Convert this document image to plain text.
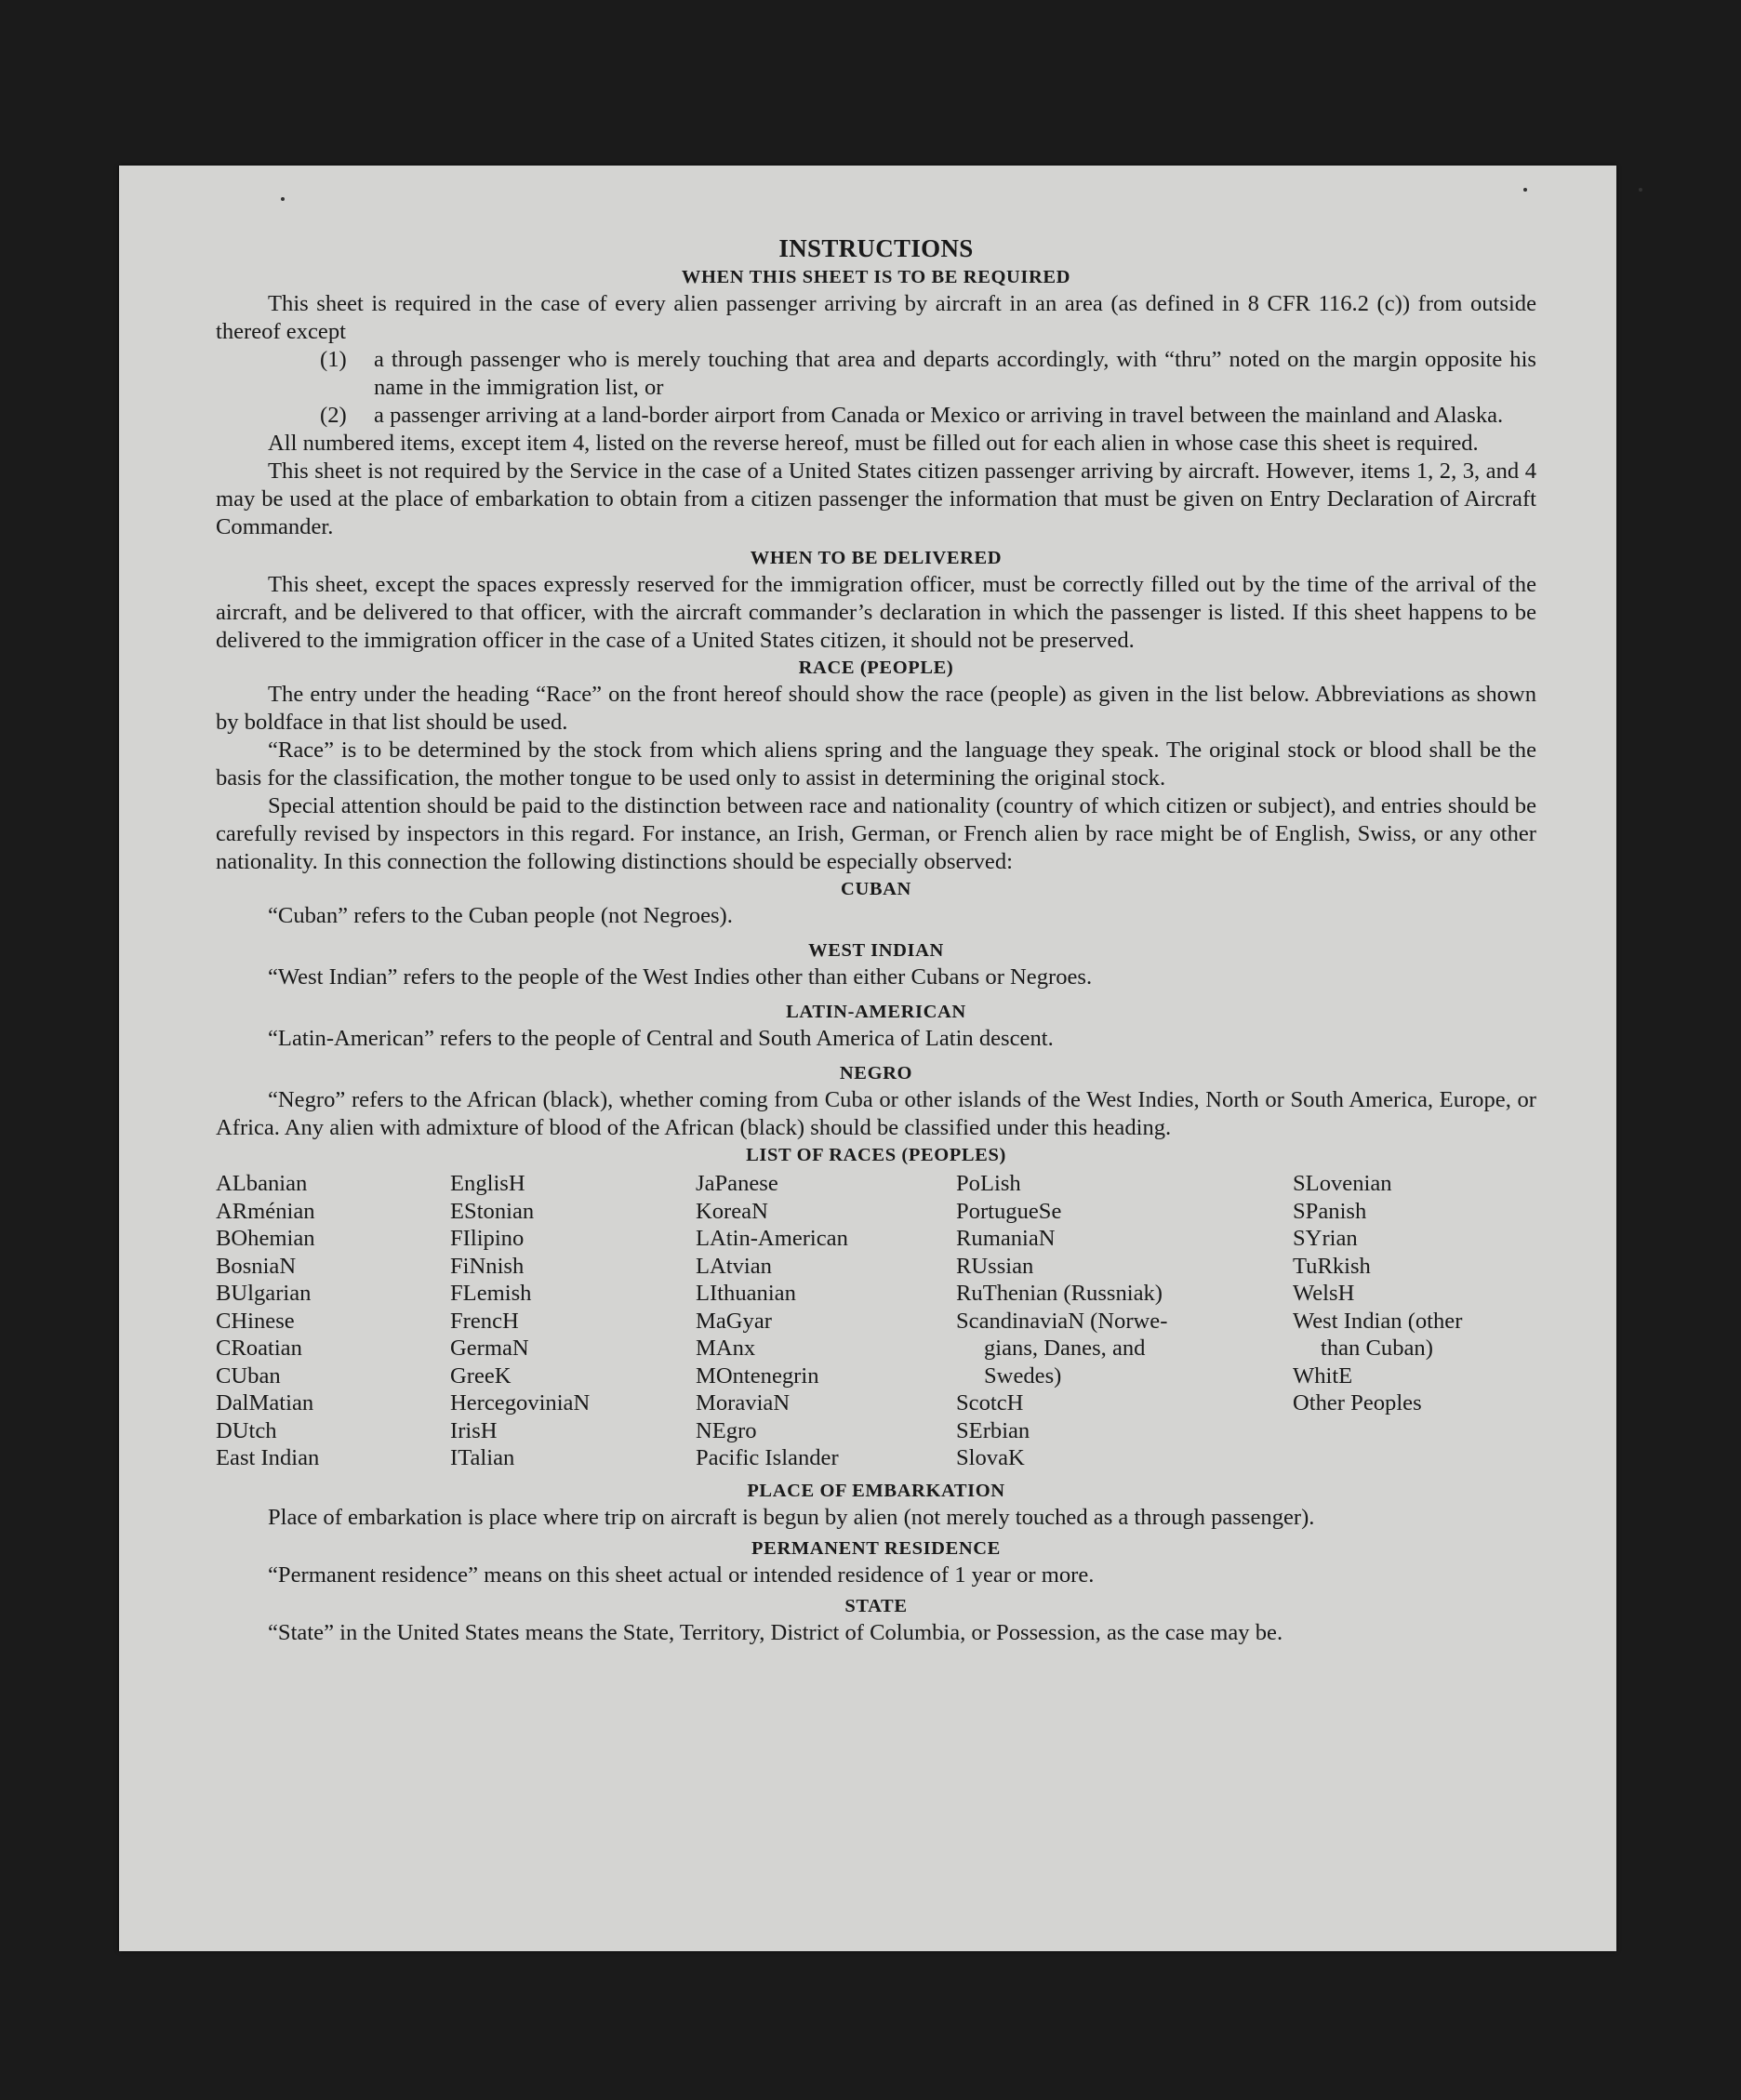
INSTRUCTIONS
WHEN THIS SHEET IS TO BE REQUIRED

This sheet is required in the case of every alien passenger arriving by aircraft in an area (as defined in 8 CFR 116.2 (c)) from outside thereof except

(1)	a through passenger who is merely touching that area and departs accordingly, with “thru” noted on the margin opposite his name in the immigration list, or
(2)	a passenger arriving at a land-border airport from Canada or Mexico or arriving in travel between the mainland and Alaska.

All numbered items, except item 4, listed on the reverse hereof, must be filled out for each alien in whose case this sheet is required.

This sheet is not required by the Service in the case of a United States citizen passenger arriving by aircraft. However, items 1, 2, 3, and 4 may be used at the place of embarkation to obtain from a citizen passenger the information that must be given on Entry Declaration of Aircraft Commander.

WHEN TO BE DELIVERED

This sheet, except the spaces expressly reserved for the immigration officer, must be correctly filled out by the time of the arrival of the aircraft, and be delivered to that officer, with the aircraft commander’s declaration in which the passenger is listed. If this sheet happens to be delivered to the immigration officer in the case of a United States citizen, it should not be preserved.

RACE (PEOPLE)

The entry under the heading “Race” on the front hereof should show the race (people) as given in the list below. Abbreviations as shown by boldface in that list should be used.

“Race” is to be determined by the stock from which aliens spring and the language they speak. The original stock or blood shall be the basis for the classification, the mother tongue to be used only to assist in determining the original stock.

Special attention should be paid to the distinction between race and nationality (country of which citizen or subject), and entries should be carefully revised by inspectors in this regard. For instance, an Irish, German, or French alien by race might be of English, Swiss, or any other nationality. In this connection the following distinctions should be especially observed:

CUBAN

“Cuban” refers to the Cuban people (not Negroes).

WEST INDIAN

“West Indian” refers to the people of the West Indies other than either Cubans or Negroes.

LATIN-AMERICAN

“Latin-American” refers to the people of Central and South America of Latin descent.

NEGRO

“Negro” refers to the African (black), whether coming from Cuba or other islands of the West Indies, North or South America, Europe, or Africa. Any alien with admixture of blood of the African (black) should be classified under this heading.

LIST OF RACES (PEOPLES)
ALbanian
ARménian
BOhemian
BosniaN
BUlgarian
CHinese
CRoatian
CUban
DalMatian
DUtch
East Indian
EnglisH
EStonian
FIlipino
FiNnish
FLemish
FrencH
GermaN
GreeK
HercegoviniaN
IrisH
ITalian
JaPanese
KoreaN
LAtin-American
LAtvian
LIthuanian
MaGyar
MAnx
MOntenegrin
MoraviaN
NEgro
Pacific Islander
PoLish
PortugueSe
RumaniaN
RUssian
RuThenian (Russniak)
ScandinaviaN (Norwe-
gians, Danes, and
Swedes)
ScotcH
SErbian
SlovaK
SLovenian
SPanish
SYrian
TuRkish
WelsH
West Indian (other
than Cuban)
WhitE
Other Peoples
PLACE OF EMBARKATION

Place of embarkation is place where trip on aircraft is begun by alien (not merely touched as a through passenger).

PERMANENT RESIDENCE

“Permanent residence” means on this sheet actual or intended residence of 1 year or more.

STATE

“State” in the United States means the State, Territory, District of Columbia, or Possession, as the case may be.
